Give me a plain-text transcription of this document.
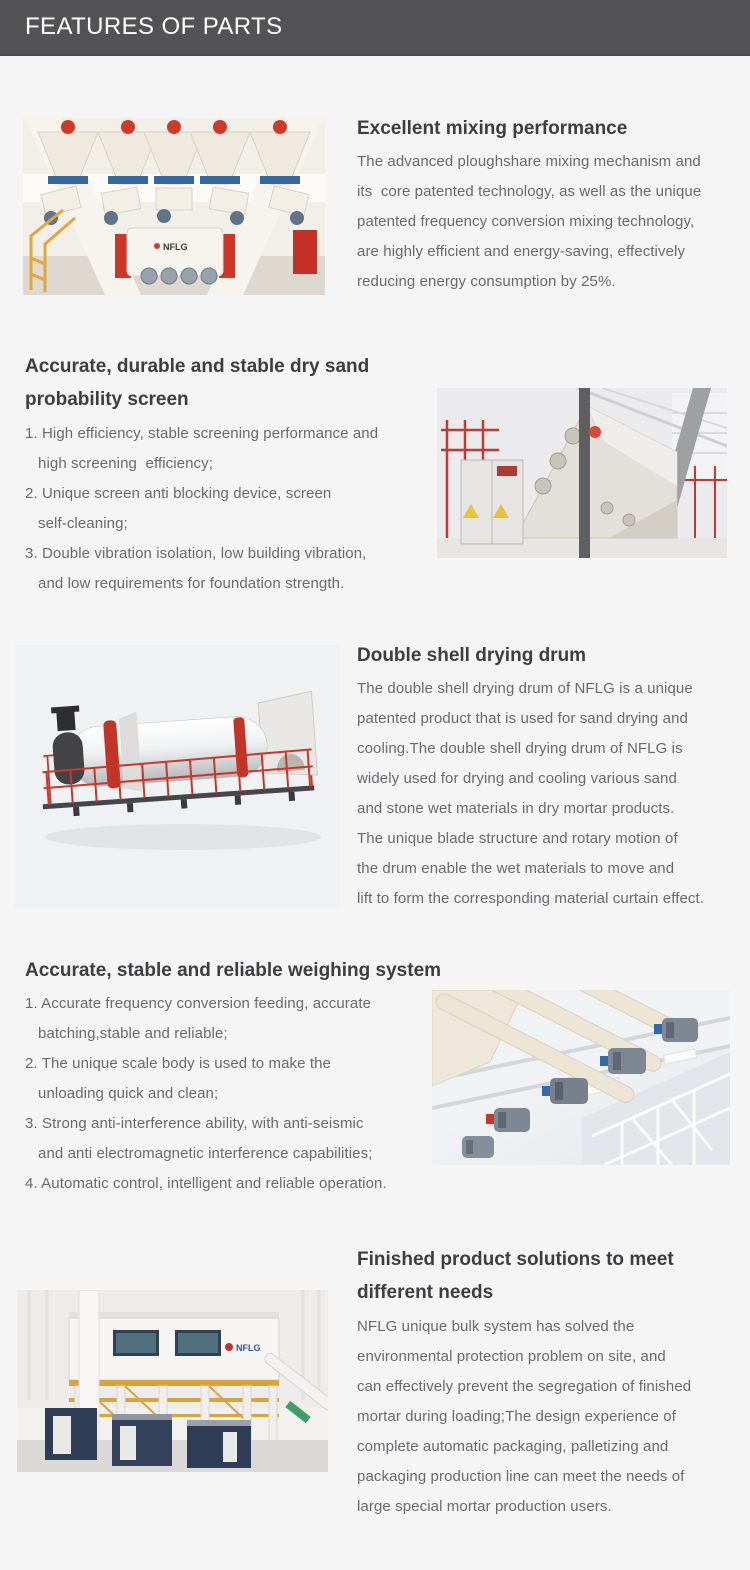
FEATURES OF PARTS
NFLG
Excellent mixing performance
The advanced ploughshare mixing mechanism and
its  core patented technology, as well as the unique
patented frequency conversion mixing technology,
are highly efficient and energy-saving, effectively
reducing energy consumption by 25%.
Accurate, durable and stable dry sand
probability screen
1. High efficiency, stable screening performance and
high screening  efficiency;
2. Unique screen anti blocking device, screen
self-cleaning;
3. Double vibration isolation, low building vibration,
and low requirements for foundation strength.
Double shell drying drum
The double shell drying drum of NFLG is a unique
patented product that is used for sand drying and
cooling.The double shell drying drum of NFLG is
widely used for drying and cooling various sand
and stone wet materials in dry mortar products.
The unique blade structure and rotary motion of
the drum enable the wet materials to move and
lift to form the corresponding material curtain effect.
Accurate, stable and reliable weighing system
1. Accurate frequency conversion feeding, accurate
batching,stable and reliable;
2. The unique scale body is used to make the
unloading quick and clean;
3. Strong anti-interference ability, with anti-seismic
and anti electromagnetic interference capabilities;
4. Automatic control, intelligent and reliable operation.
NFLG
Finished product solutions to meet
different needs
NFLG unique bulk system has solved the
environmental protection problem on site, and
can effectively prevent the segregation of finished
mortar during loading;The design experience of
complete automatic packaging, palletizing and
packaging production line can meet the needs of
large special mortar production users.
